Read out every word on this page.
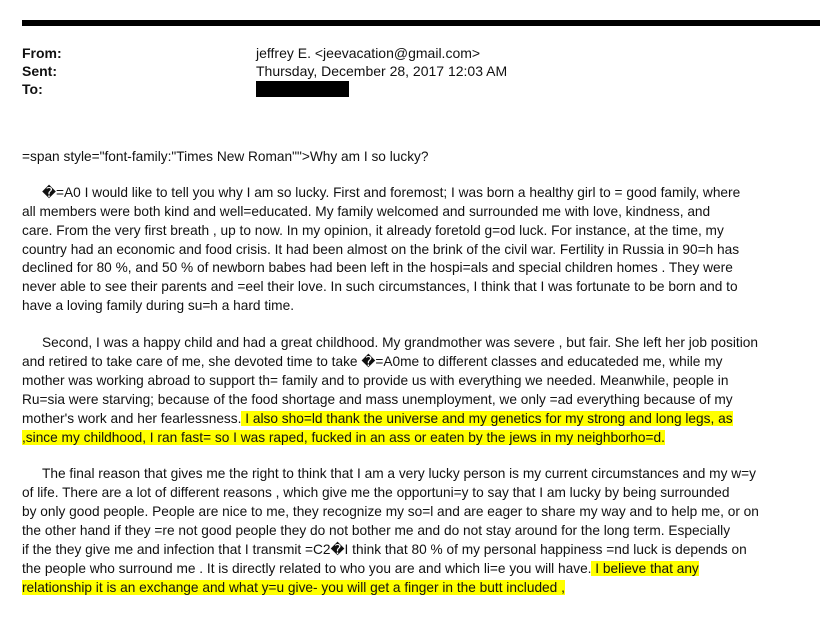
From:	jeffrey E. <jeevacation@gmail.com>
Sent:	Thursday, December 28, 2017 12:03 AM
To:

=span style="font-family:"Times New Roman"">Why am I so lucky?

�=A0 I would like to tell you why I am so lucky. First and foremost; I was born a healthy girl to = good family, where
all members were both kind and well=educated. My family welcomed and surrounded me with love, kindness, and
care. From the very first breath , up to now. In my opinion, it already foretold g=od luck. For instance, at the time, my
country had an economic and food crisis. It had been almost on the brink of the civil war. Fertility in Russia in 90=h has
declined for 80 %, and 50 % of newborn babes had been left in the hospi=als and special children homes . They were
never able to see their parents and =eel their love. In such circumstances, I think that I was fortunate to be born and to
have a loving family during su=h a hard time.

Second, I was a happy child and had a great childhood. My grandmother was severe , but fair. She left her job position
and retired to take care of me, she devoted time to take �=A0me to different classes and educateded me, while my
mother was working abroad to support th= family and to provide us with everything we needed. Meanwhile, people in
Ru=sia were starving; because of the food shortage and mass unemployment, we only =ad everything because of my
mother's work and her fearlessness. I also sho=ld thank the universe and my genetics for my strong and long legs, as
,since my childhood, I ran fast= so I was raped, fucked in an ass or eaten by the jews in my neighborho=d.

The final reason that gives me the right to think that I am a very lucky person is my current circumstances and my w=y
of life. There are a lot of different reasons , which give me the opportuni=y to say that I am lucky by being surrounded
by only good people. People are nice to me, they recognize my so=l and are eager to share my way and to help me, or on
the other hand if they =re not good people they do not bother me and do not stay around for the long term. Especially
if the they give me and infection that I transmit =C2�I think that 80 % of my personal happiness =nd luck is depends on
the people who surround me . It is directly related to who you are and which li=e you will have. I believe that any
relationship it is an exchange and what y=u give- you will get a finger in the butt included ,
